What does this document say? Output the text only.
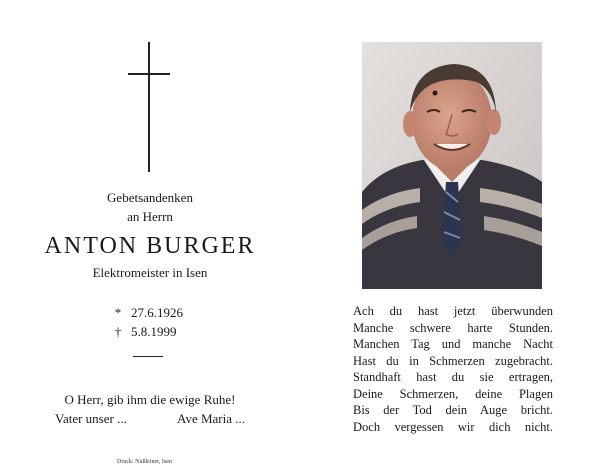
Gebetsandenken
an Herrn
ANTON BURGER
Elektromeister in Isen
* 27.6.1926
† 5.8.1999
O Herr, gib ihm die ewige Ruhe!
Vater unser ...	Ave Maria ...
Druck: Nußleiner, Isen
Ach du hast jetzt überwunden
Manche schwere harte Stunden.
Manchen Tag und manche Nacht
Hast du in Schmerzen zugebracht.
Standhaft hast du sie ertragen,
Deine Schmerzen, deine Plagen
Bis der Tod dein Auge bricht.
Doch vergessen wir dich nicht.
